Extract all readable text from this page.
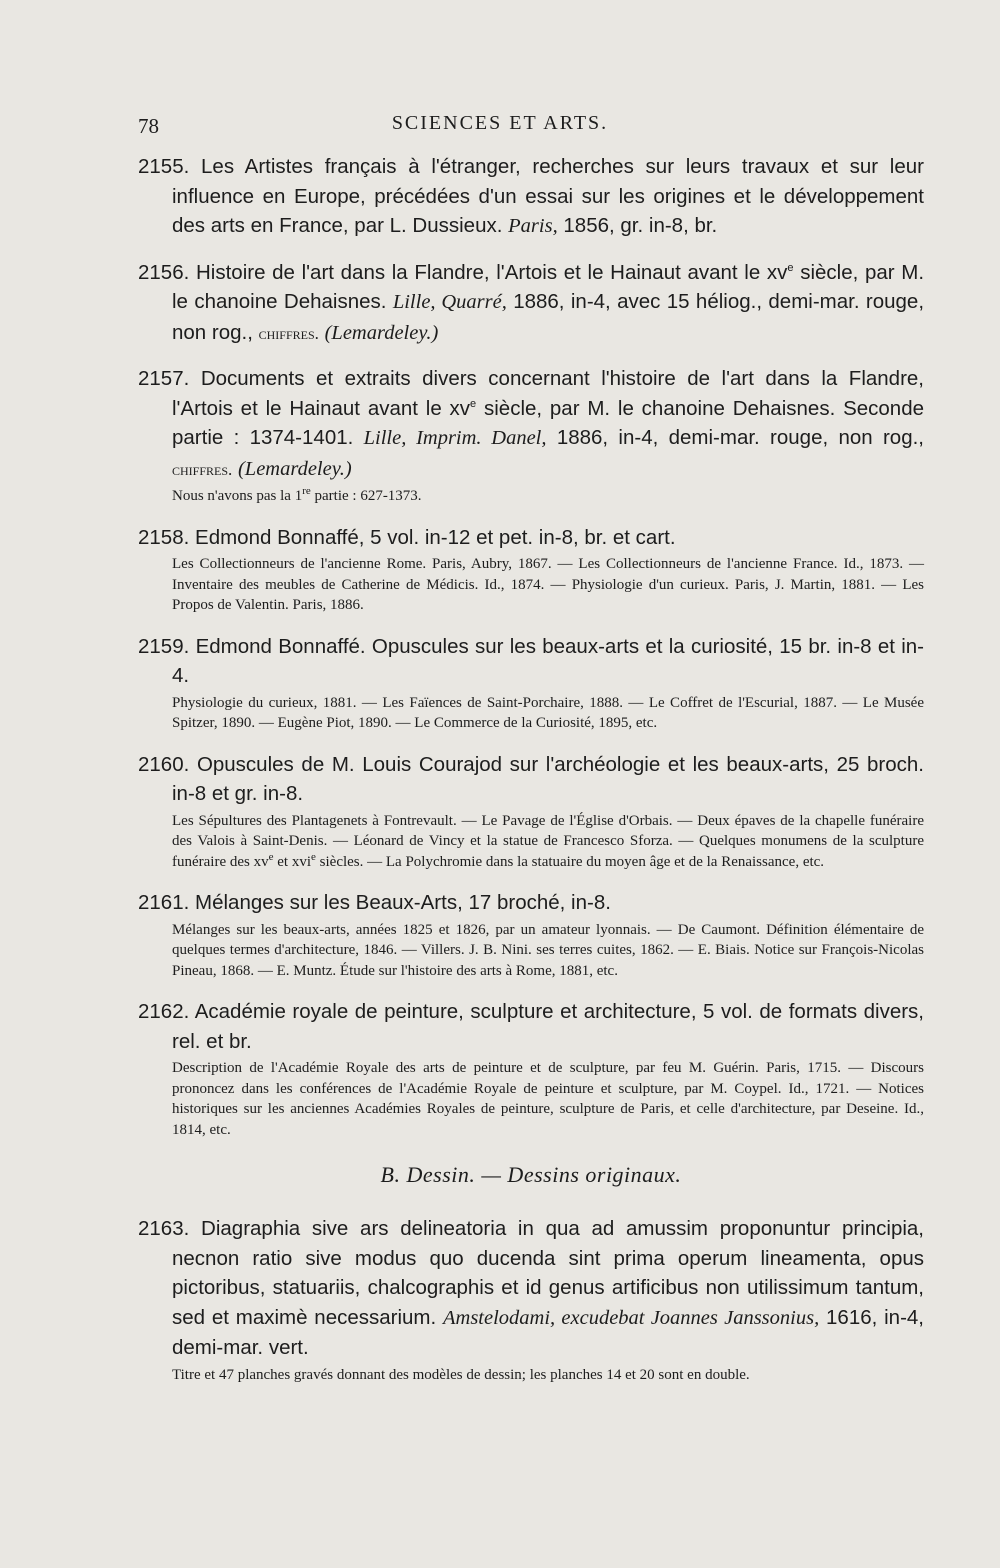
78	SCIENCES ET ARTS.

2155. Les Artistes français à l'étranger, recherches sur leurs travaux et sur leur influence en Europe, précédées d'un essai sur les origines et le développement des arts en France, par L. Dussieux. Paris, 1856, gr. in-8, br.

2156. Histoire de l'art dans la Flandre, l'Artois et le Hainaut avant le $xv^e$ siècle, par M. le chanoine Dehaisnes. Lille, Quarré, 1886, in-4, avec 15 héliog., demi-mar. rouge, non rog., chiffres. (Lemardeley.)

2157. Documents et extraits divers concernant l'histoire de l'art dans la Flandre, l'Artois et le Hainaut avant le $xv^e$ siècle, par M. le chanoine Dehaisnes. Seconde partie : 1374-1401. Lille, Imprim. Danel, 1886, in-4, demi-mar. rouge, non rog., chiffres. (Lemardeley.)

Nous n'avons pas la 1re partie : 627-1373.

2158. Edmond Bonnaffé, 5 vol. in-12 et pet. in-8, br. et cart.

Les Collectionneurs de l'ancienne Rome. Paris, Aubry, 1867. — Les Collectionneurs de l'ancienne France. Id., 1873. — Inventaire des meubles de Catherine de Médicis. Id., 1874. — Physiologie d'un curieux. Paris, J. Martin, 1881. — Les Propos de Valentin. Paris, 1886.

2159. Edmond Bonnaffé. Opuscules sur les beaux-arts et la curiosité, 15 br. in-8 et in-4.

Physiologie du curieux, 1881. — Les Faïences de Saint-Porchaire, 1888. — Le Coffret de l'Escurial, 1887. — Le Musée Spitzer, 1890. — Eugène Piot, 1890. — Le Commerce de la Curiosité, 1895, etc.

2160. Opuscules de M. Louis Courajod sur l'archéologie et les beaux-arts, 25 broch. in-8 et gr. in-8.

Les Sépultures des Plantagenets à Fontrevault. — Le Pavage de l'Église d'Orbais. — Deux épaves de la chapelle funéraire des Valois à Saint-Denis. — Léonard de Vincy et la statue de Francesco Sforza. — Quelques monumens de la sculpture funéraire des $xv^e$ et xvi$^e$ siècles. — La Polychromie dans la statuaire du moyen âge et de la Renaissance, etc.

2161. Mélanges sur les Beaux-Arts, 17 broché, in-8.

Mélanges sur les beaux-arts, années 1825 et 1826, par un amateur lyonnais. — De Caumont. Définition élémentaire de quelques termes d'architecture, 1846. — Villers. J. B. Nini. ses terres cuites, 1862. — E. Biais. Notice sur François-Nicolas Pineau, 1868. — E. Muntz. Étude sur l'histoire des arts à Rome, 1881, etc.

2162. Académie royale de peinture, sculpture et architecture, 5 vol. de formats divers, rel. et br.

Description de l'Académie Royale des arts de peinture et de sculpture, par feu M. Guérin. Paris, 1715. — Discours prononcez dans les conférences de l'Académie Royale de peinture et sculpture, par M. Coypel. Id., 1721. — Notices historiques sur les anciennes Académies Royales de peinture, sculpture de Paris, et celle d'architecture, par Deseine. Id., 1814, etc.

B. Dessin. — Dessins originaux.

2163. Diagraphia sive ars delineatoria in qua ad amussim proponuntur principia, necnon ratio sive modus quo ducenda sint prima operum lineamenta, opus pictoribus, statuariis, chalcographis et id genus artificibus non utilissimum tantum, sed et maximè necessarium. Amstelodami, excudebat Joannes Janssonius, 1616, in-4, demi-mar. vert.

Titre et 47 planches gravés donnant des modèles de dessin; les planches 14 et 20 sont en double.
